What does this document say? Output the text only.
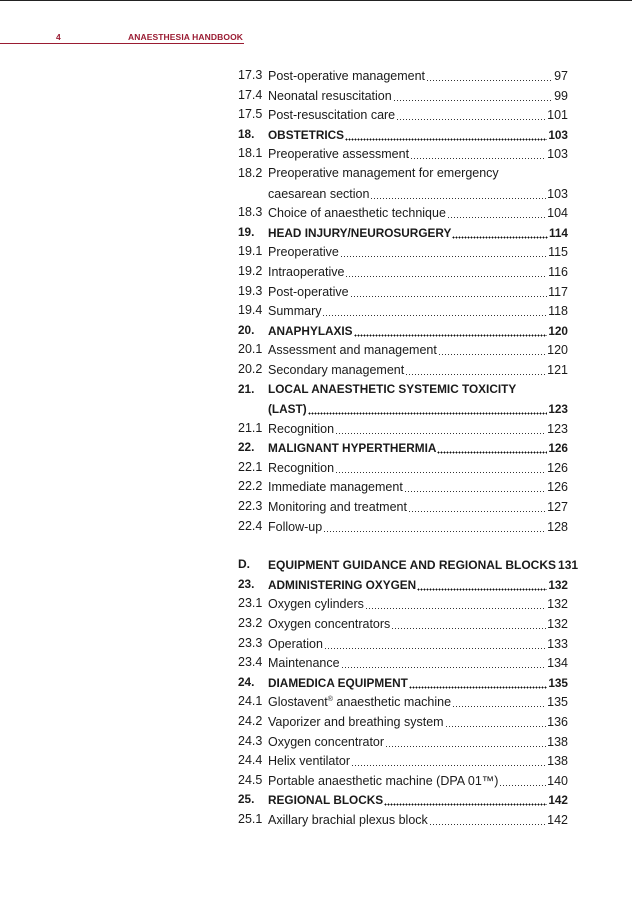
4	ANAESTHESIA HANDBOOK
17.3 Post-operative management	97
17.4 Neonatal resuscitation	99
17.5 Post-resuscitation care	101
18. OBSTETRICS	103
18.1 Preoperative assessment	103
18.2 Preoperative management for emergency
caesarean section	103
18.3 Choice of anaesthetic technique	104
19. HEAD INJURY/NEUROSURGERY	114
19.1 Preoperative	115
19.2 Intraoperative	116
19.3 Post-operative	117
19.4 Summary	118
20. ANAPHYLAXIS	120
20.1 Assessment and management	120
20.2 Secondary management	121
21. LOCAL ANAESTHETIC SYSTEMIC TOXICITY
(LAST)	123
21.1 Recognition	123
22. MALIGNANT HYPERTHERMIA	126
22.1 Recognition	126
22.2 Immediate management	126
22.3 Monitoring and treatment	127
22.4 Follow-up	128
D. EQUIPMENT GUIDANCE AND REGIONAL BLOCKS 131
23. ADMINISTERING OXYGEN	132
23.1 Oxygen cylinders	132
23.2 Oxygen concentrators	132
23.3 Operation	133
23.4 Maintenance	134
24. DIAMEDICA EQUIPMENT	135
24.1 Glostavent® anaesthetic machine	135
24.2 Vaporizer and breathing system	136
24.3 Oxygen concentrator	138
24.4 Helix ventilator	138
24.5 Portable anaesthetic machine (DPA 01™)	140
25. REGIONAL BLOCKS	142
25.1 Axillary brachial plexus block	142
